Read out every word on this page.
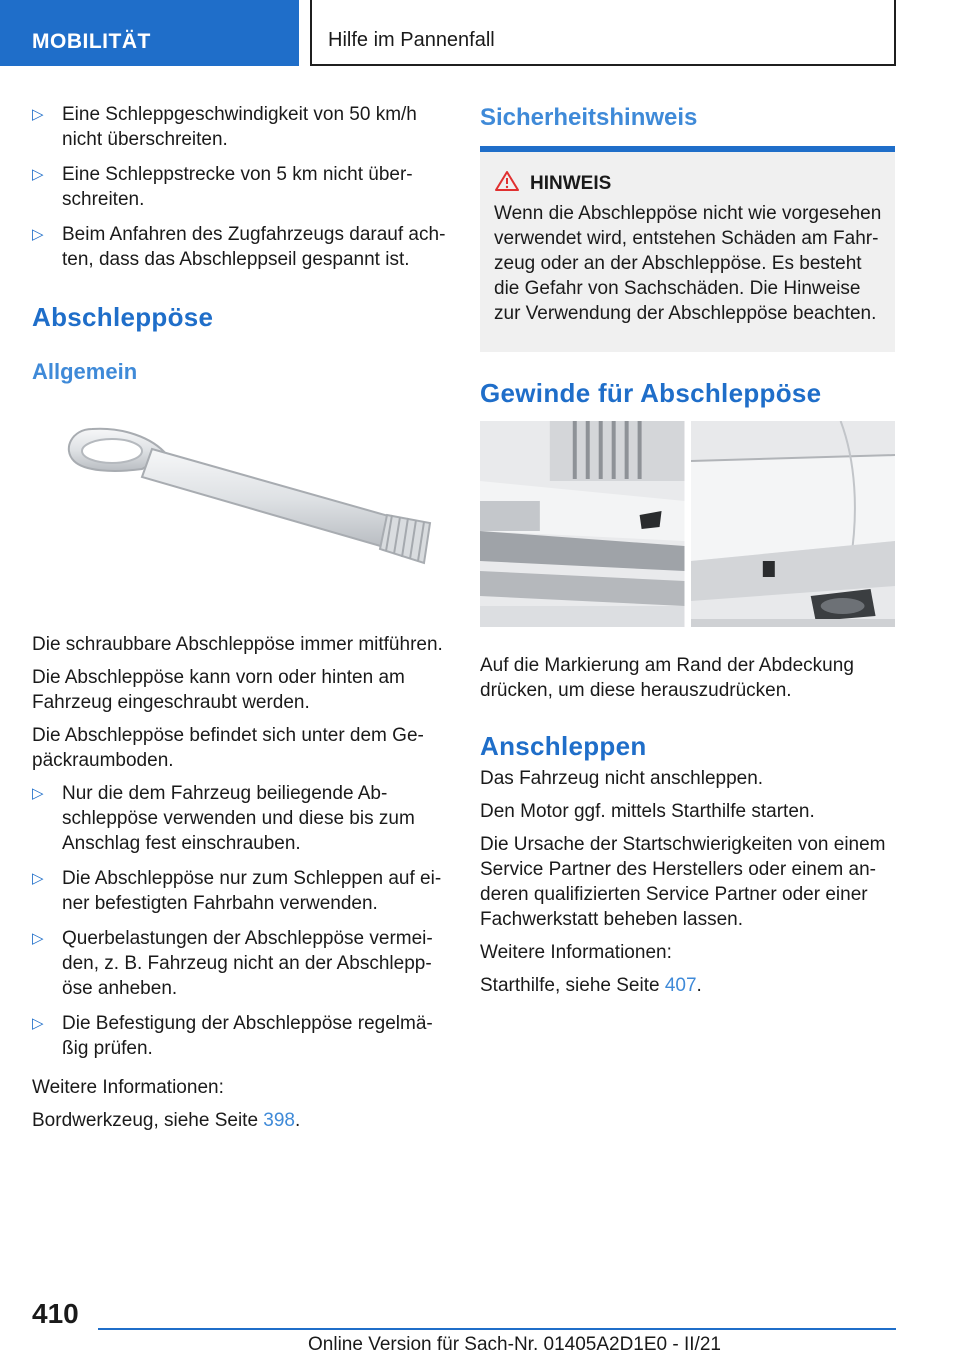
MOBILITÄT	Hilfe im Pannenfall
▷ Eine Schleppgeschwindigkeit von 50 km/h nicht überschreiten.
▷ Eine Schleppstrecke von 5 km nicht über-schreiten.
▷ Beim Anfahren des Zugfahrzeugs darauf ach-ten, dass das Abschleppseil gespannt ist.
Abschleppöse
Allgemein

Die schraubbare Abschleppöse immer mitführen.

Die Abschleppöse kann vorn oder hinten am Fahrzeug eingeschraubt werden.

Die Abschleppöse befindet sich unter dem Ge-päckraumboden.

▷ Nur die dem Fahrzeug beiliegende Ab-schleppöse verwenden und diese bis zum Anschlag fest einschrauben.
▷ Die Abschleppöse nur zum Schleppen auf ei-ner befestigten Fahrbahn verwenden.
▷ Querbelastungen der Abschleppöse vermei-den, z. B. Fahrzeug nicht an der Abschlepp-öse anheben.
▷ Die Befestigung der Abschleppöse regelmä-ßig prüfen.

Weitere Informationen:

Bordwerkzeug, siehe Seite 398.

Sicherheitshinweis
HINWEIS

Wenn die Abschleppöse nicht wie vorgesehen verwendet wird, entstehen Schäden am Fahr-zeug oder an der Abschleppöse. Es besteht die Gefahr von Sachschäden. Die Hinweise zur Verwendung der Abschleppöse beachten.

Gewinde für Abschleppöse

Auf die Markierung am Rand der Abdeckung drücken, um diese herauszudrücken.

Anschleppen

Das Fahrzeug nicht anschleppen.

Den Motor ggf. mittels Starthilfe starten.

Die Ursache der Startschwierigkeiten von einem Service Partner des Herstellers oder einem an-deren qualifizierten Service Partner oder einer Fachwerkstatt beheben lassen.

Weitere Informationen:

Starthilfe, siehe Seite 407.

410
Online Version für Sach-Nr. 01405A2D1E0 - II/21
